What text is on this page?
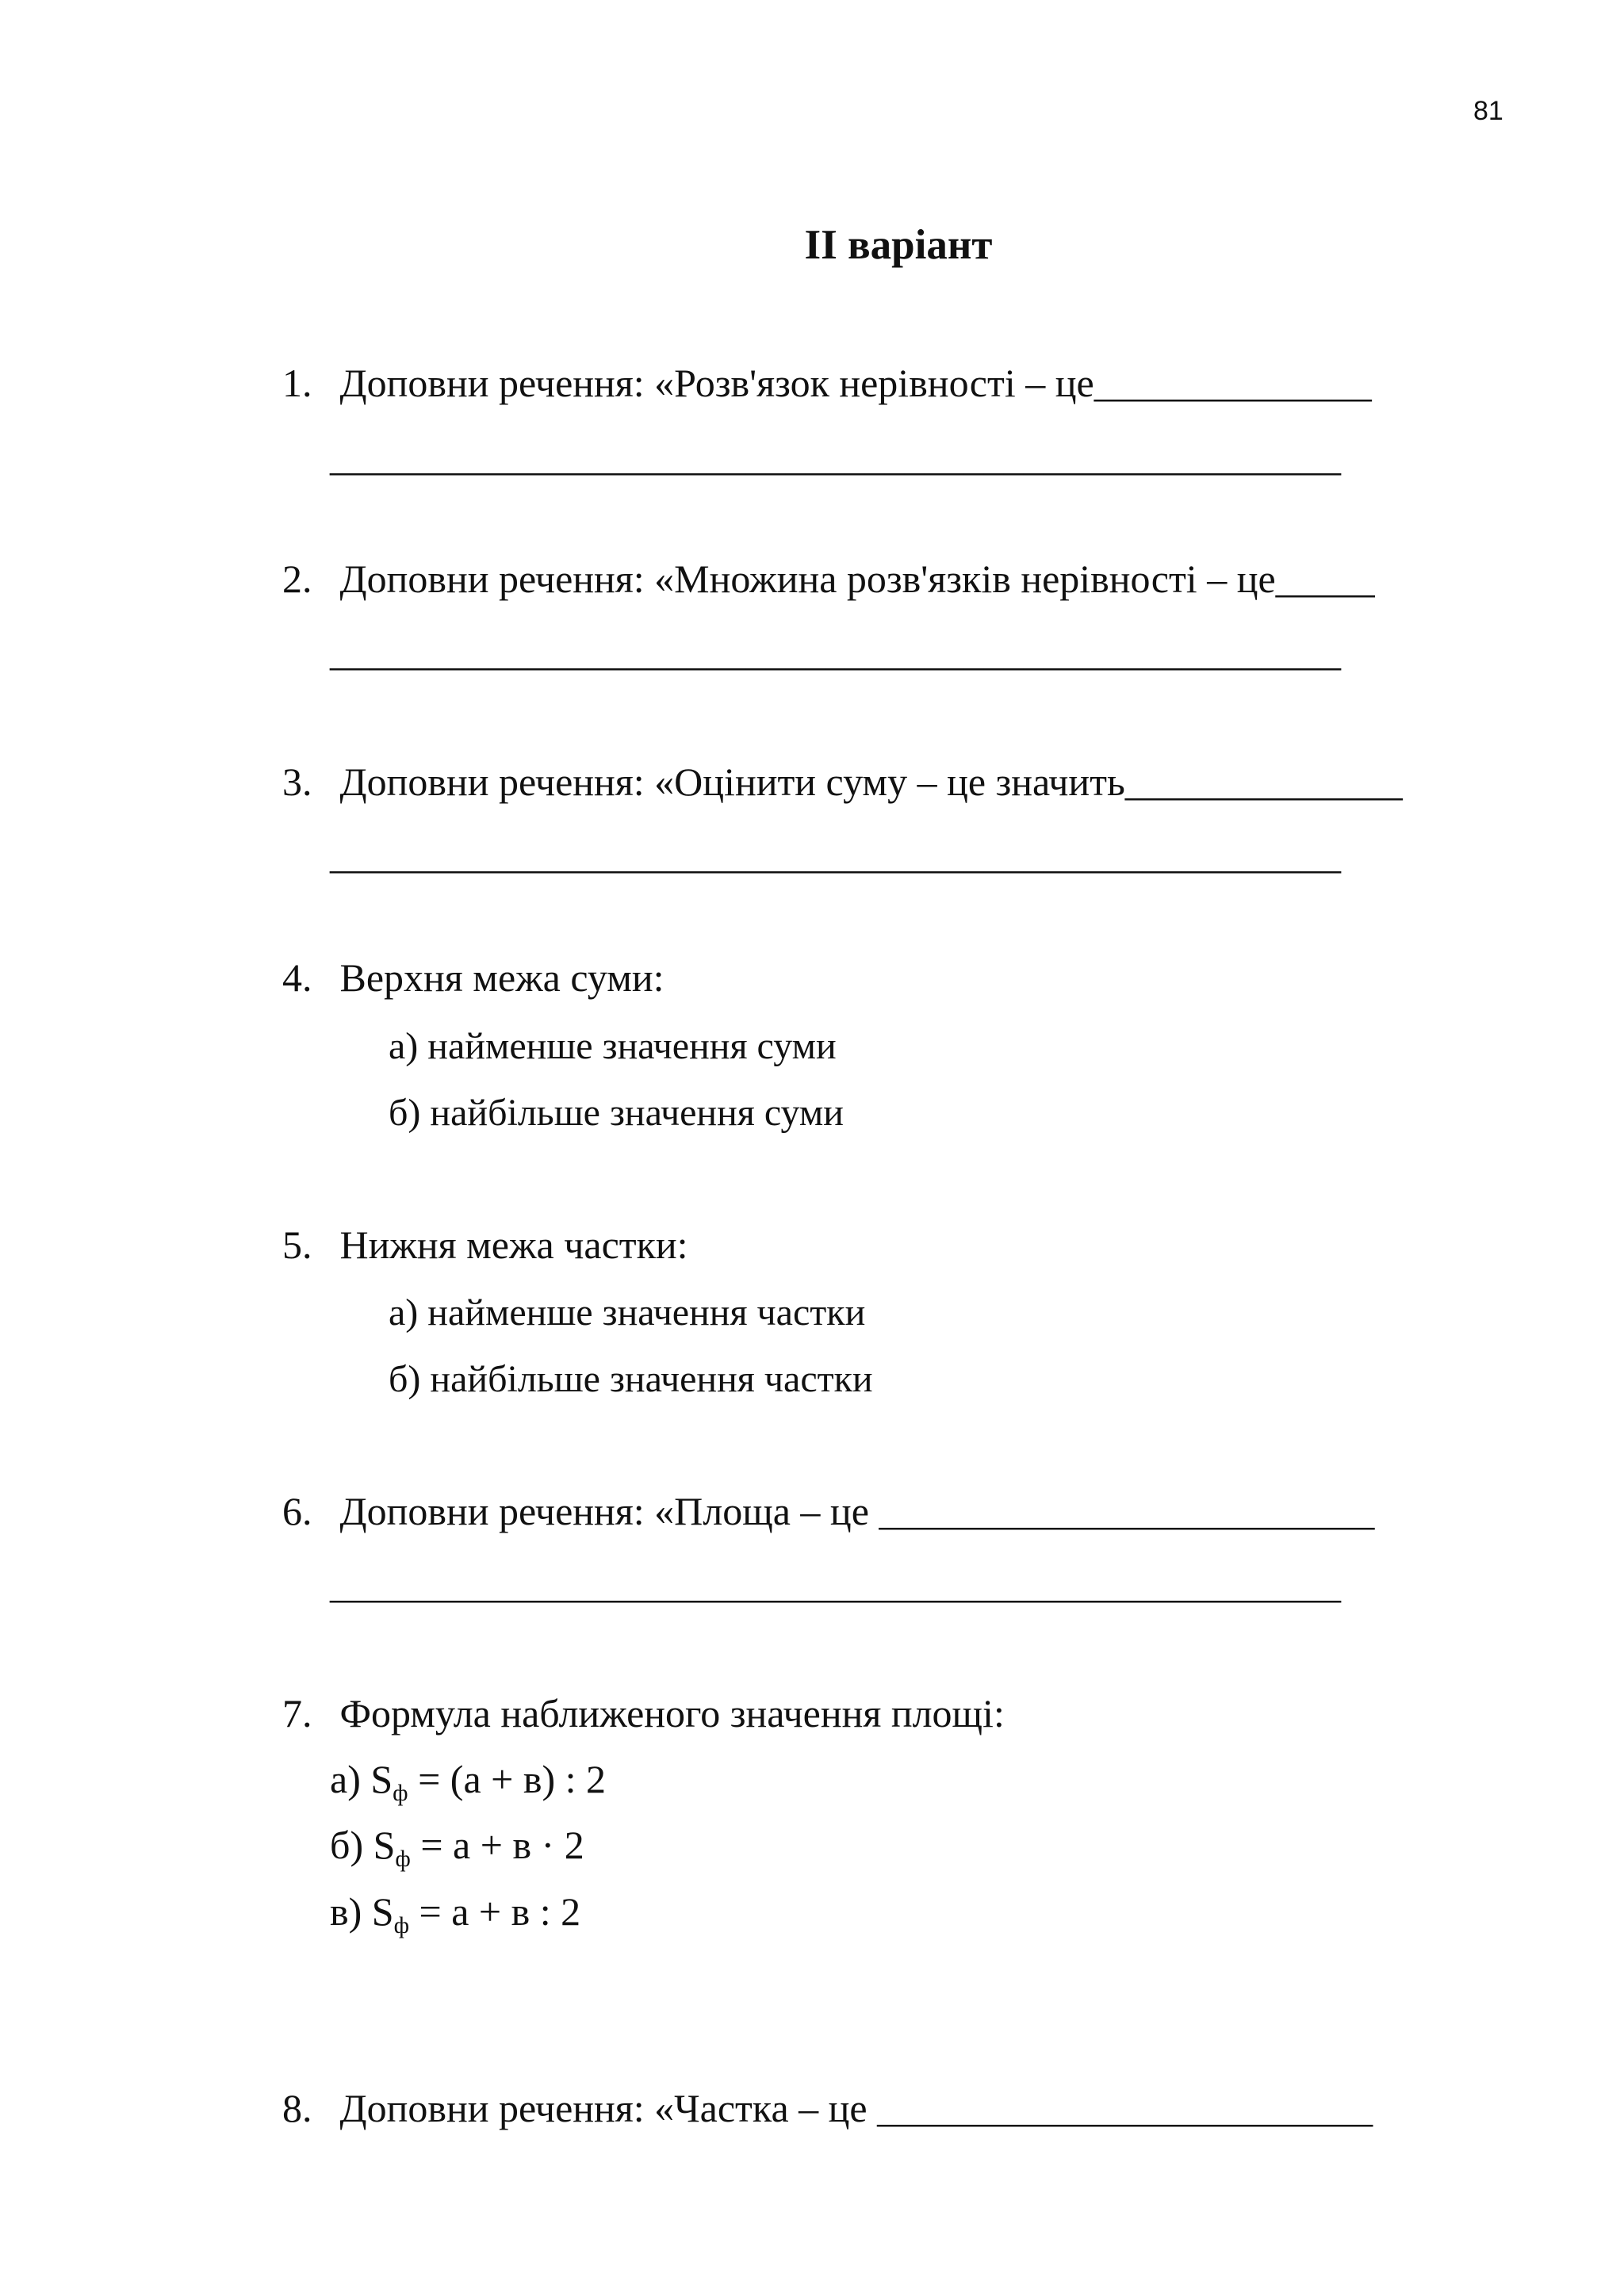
81
ІІ варіант
1. Доповни речення: «Розв'язок нерівності – це______________
___________________________________________________
2. Доповни речення: «Множина розв'язків нерівності – це_____
___________________________________________________
3. Доповни речення: «Оцінити суму – це значить______________
___________________________________________________
4. Верхня межа суми:
а) найменше значення суми
б) найбільше значення суми
5. Нижня межа частки:
а) найменше значення частки
б) найбільше значення частки
6. Доповни речення: «Площа – це _________________________
___________________________________________________
7. Формула наближеного значення площі:
а) $S_ф = (а + в)$ : 2
б) $S_ф = а + в \cdot 2$
в) $S_ф = а + в$ : 2
8. Доповни речення: «Частка – це _________________________
